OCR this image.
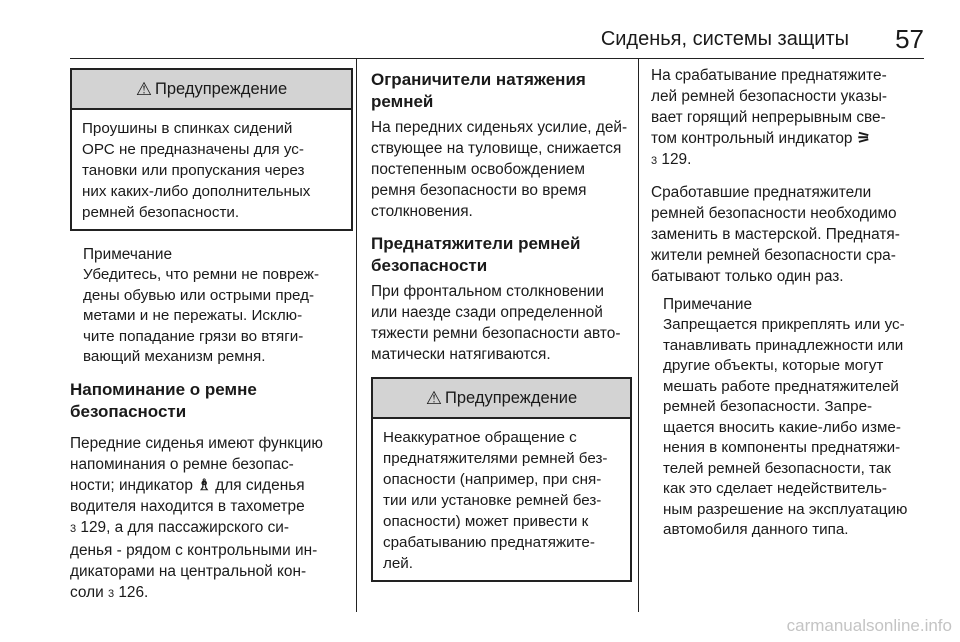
Сиденья, системы защиты 57
⚠ Предупреждение
Проушины в спинках сидений
ОРС не предназначены для ус-
тановки или пропускания через
них каких-либо дополнительных
ремней безопасности.
Примечание
Убедитесь, что ремни не повреж-
дены обувью или острыми пред-
метами и не пережаты. Исклю-
чите попадание грязи во втяги-
вающий механизм ремня.
Напоминание о ремне
безопасности
Передние сиденья имеют функцию
напоминания о ремне безопас-
ности; индикатор ♗ для сиденья
водителя находится в тахометре
3 129, а для пассажирского си-
денья - рядом с контрольными ин-
дикаторами на центральной кон-
соли 3 126.
Ограничители натяжения
ремней
На передних сиденьях усилие, дей-
ствующее на туловище, снижается
постепенным освобождением
ремня безопасности во время
столкновения.
Преднатяжители ремней
безопасности
При фронтальном столкновении
или наезде сзади определенной
тяжести ремни безопасности авто-
матически натягиваются.
⚠ Предупреждение
Неаккуратное обращение с
преднатяжителями ремней без-
опасности (например, при сня-
тии или установке ремней без-
опасности) может привести к
срабатыванию преднатяжите-
лей.
На срабатывание преднатяжите-
лей ремней безопасности указы-
вает горящий непрерывным све-
том контрольный индикатор ⚞
3 129.
Сработавшие преднатяжители
ремней безопасности необходимо
заменить в мастерской. Преднатя-
жители ремней безопасности сра-
батывают только один раз.
Примечание
Запрещается прикреплять или ус-
танавливать принадлежности или
другие объекты, которые могут
мешать работе преднатяжителей
ремней безопасности. Запре-
щается вносить какие-либо изме-
нения в компоненты преднатяжи-
телей ремней безопасности, так
как это сделает недействитель-
ным разрешение на эксплуатацию
автомобиля данного типа.
carmanualsonline.info
